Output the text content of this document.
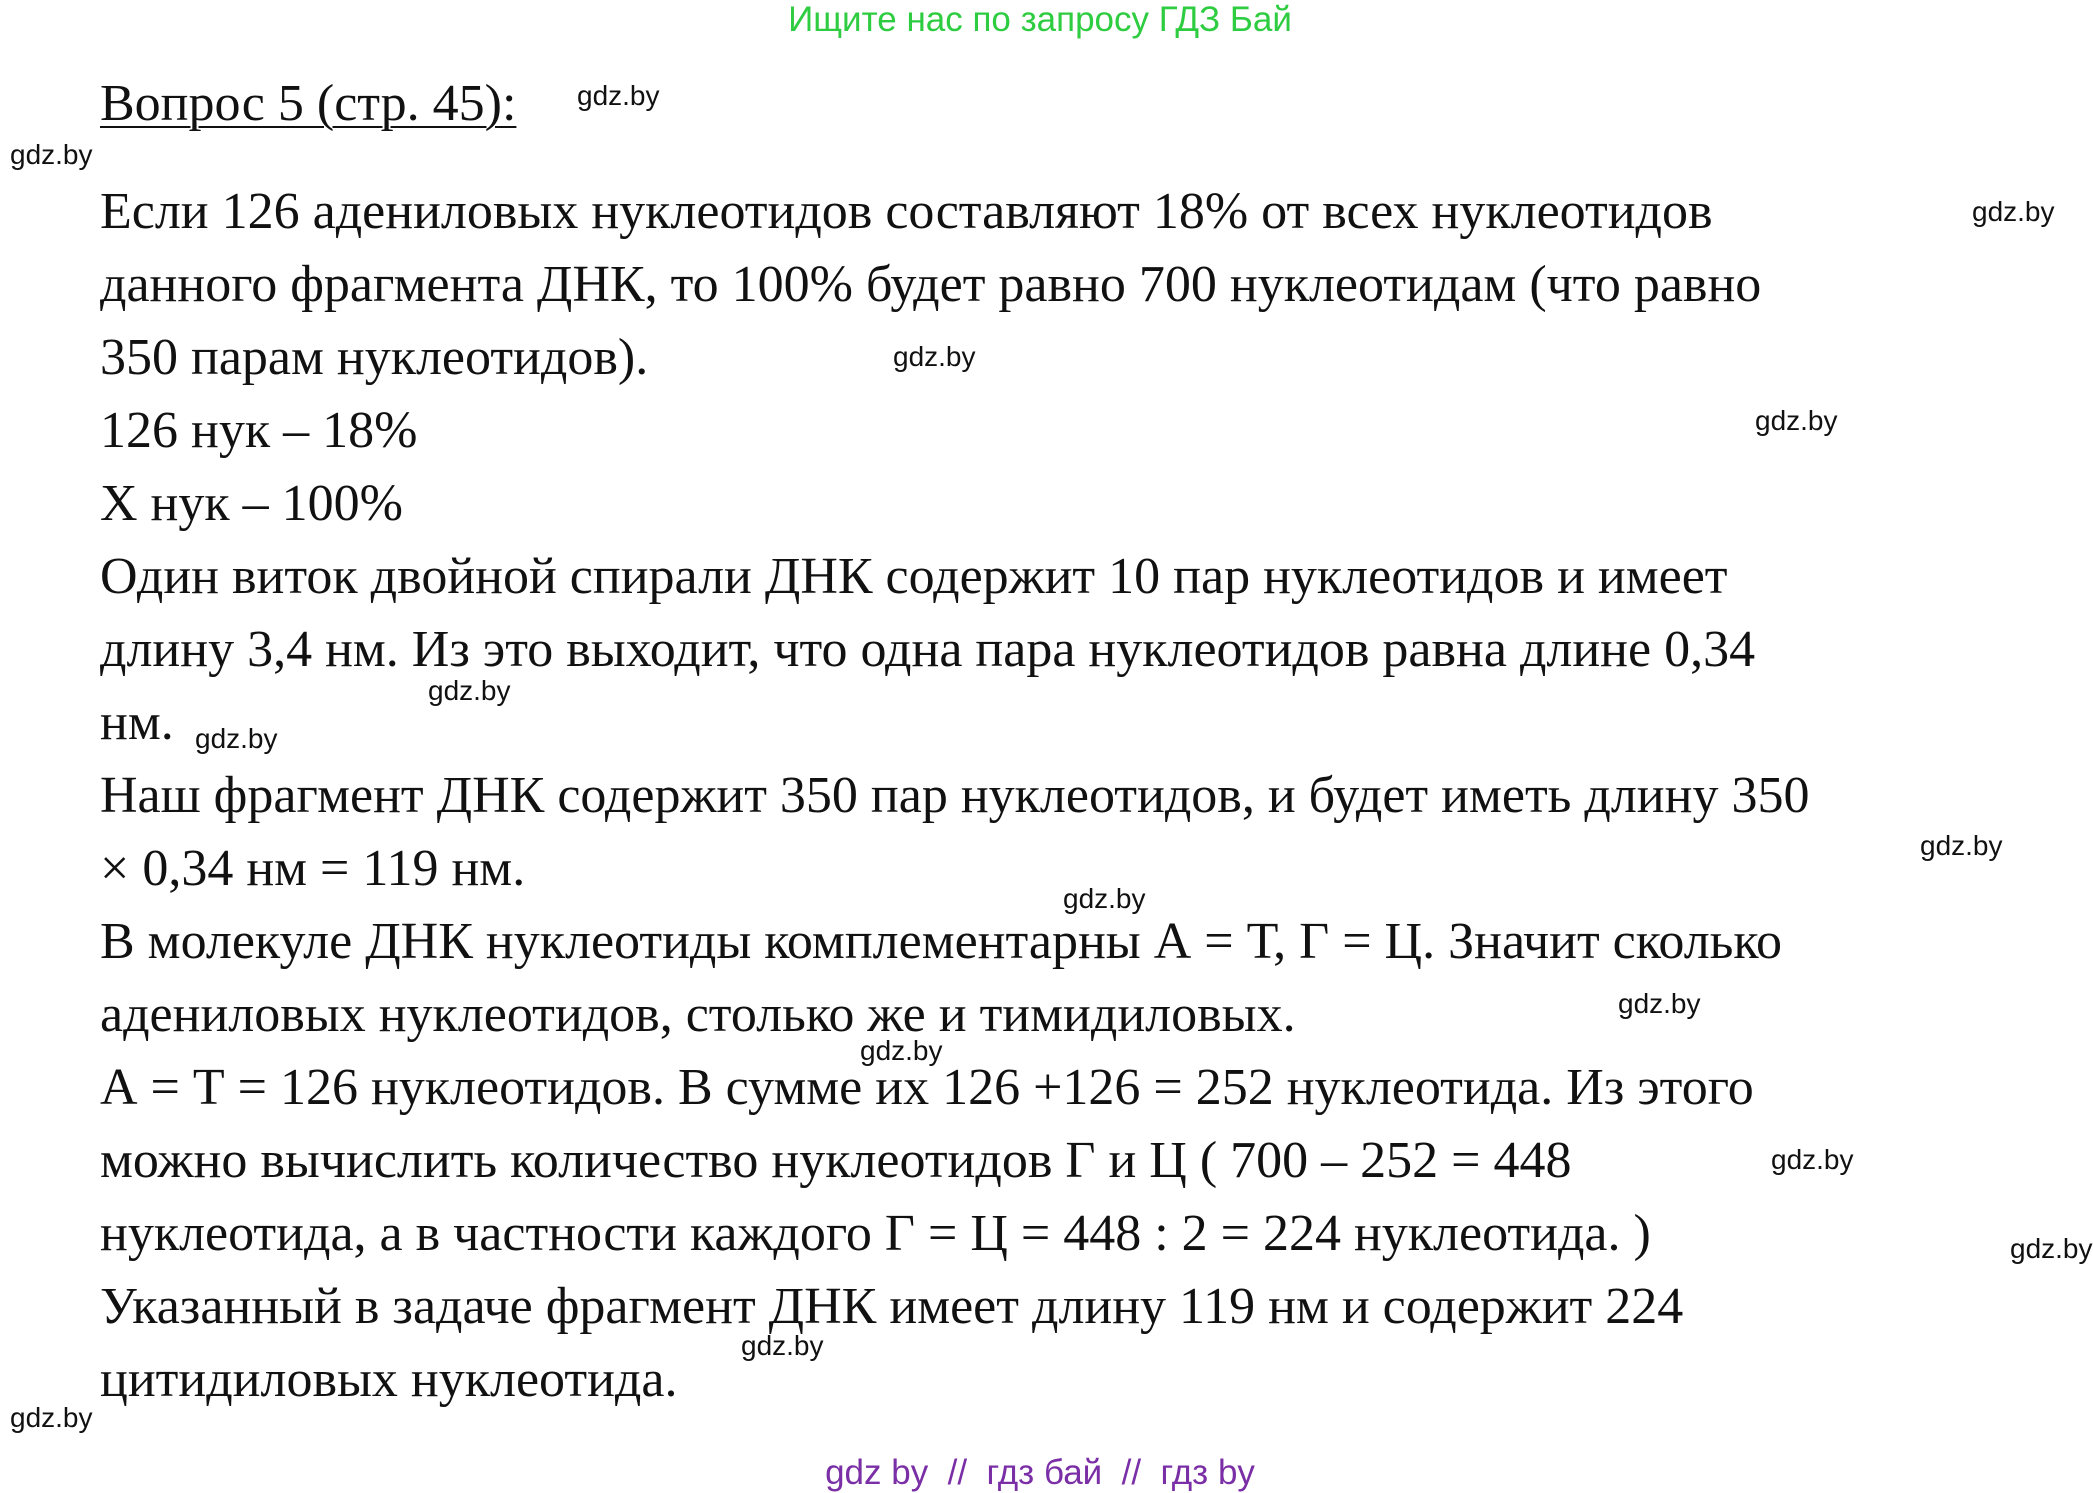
Ищите нас по запросу ГДЗ Бай
Вопрос 5 (стр. 45):
Если 126 адениловых нуклеотидов составляют 18% от всех нуклеотидов
данного фрагмента ДНК, то 100% будет равно 700 нуклеотидам (что равно
350 парам нуклеотидов).
126 нук – 18%
Х нук – 100%
Один виток двойной спирали ДНК содержит 10 пар нуклеотидов и имеет
длину 3,4 нм. Из это выходит, что одна пара нуклеотидов равна длине 0,34
нм.
Наш фрагмент ДНК содержит 350 пар нуклеотидов, и будет иметь длину 350
× 0,34 нм = 119 нм.
В молекуле ДНК нуклеотиды комплементарны А = Т, Г = Ц. Значит сколько
адениловых нуклеотидов, столько же и тимидиловых.
А = Т = 126 нуклеотидов. В сумме их 126 +126 = 252 нуклеотида. Из этого
можно вычислить количество нуклеотидов Г и Ц ( 700 – 252 = 448
нуклеотида, а в частности каждого Г = Ц = 448 : 2 = 224 нуклеотида. )
Указанный в задаче фрагмент ДНК имеет длину 119 нм и содержит 224
цитидиловых нуклеотида.
gdz.by
gdz.by
gdz.by
gdz.by
gdz.by
gdz.by
gdz.by
gdz.by
gdz.by
gdz.by
gdz.by
gdz.by
gdz.by
gdz.by
gdz.by
gdz by  //  гдз бай  //  гдз by
